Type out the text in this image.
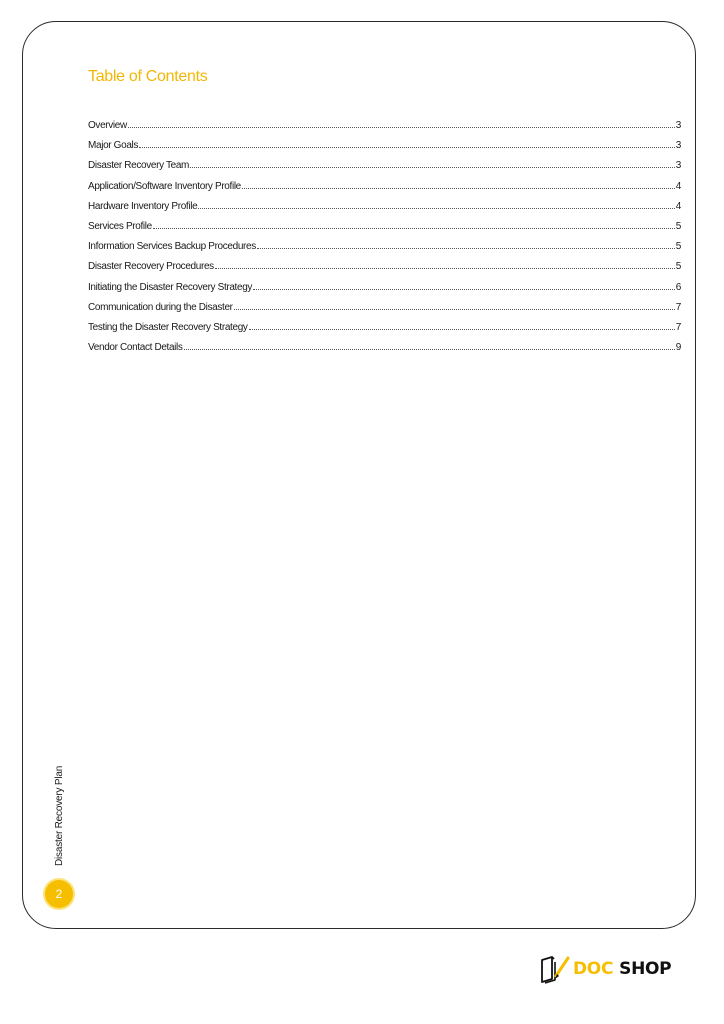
Table of Contents
Overview	3
Major Goals	3
Disaster Recovery Team	3
Application/Software Inventory Profile	4
Hardware Inventory Profile	4
Services Profile	5
Information Services Backup Procedures	5
Disaster Recovery Procedures	5
Initiating the Disaster Recovery Strategy	6
Communication during the Disaster	7
Testing the Disaster Recovery Strategy	7
Vendor Contact Details	9
Disaster Recovery Plan
2
DOC SHOP
